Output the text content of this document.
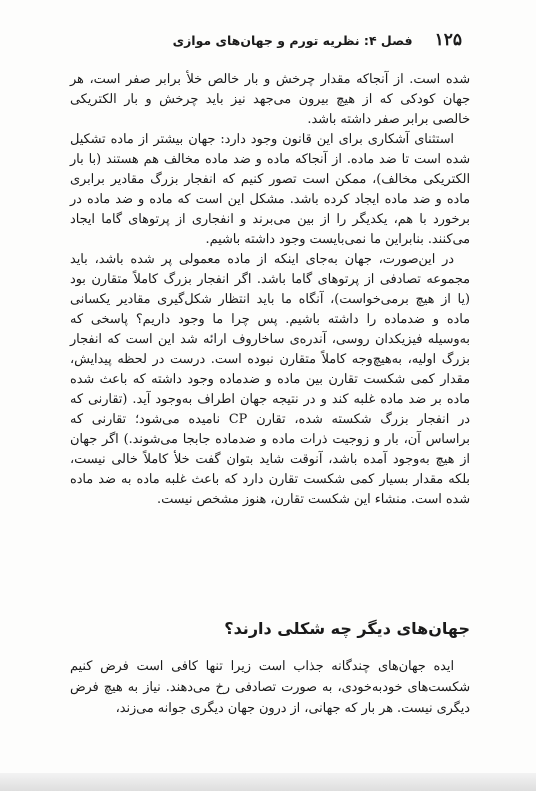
۱۲۵
فصل ۴: نظریه تورم و جهان‌های موازی

شده است. از آنجا‌که مقدار چرخش و بار خالص خلأ برابر صفر است، هر جهان کودکی که از هیچ بیرون می‌جهد نیز باید چرخش و بار الکتریکی خالصی برابر صفر داشته باشد.

استثنای آشکاری برای این قانون وجود دارد: جهان بیشتر از ماده تشکیل شده است تا ضد ماده. از آنجا‌که ماده و ضد ماده مخالف هم هستند (با بار الکتریکی مخالف)، ممکن است تصور کنیم که انفجار بزرگ مقادیر برابری ماده و ضد ماده ایجاد کرده باشد. مشکل این است که ماده و ضد ماده در برخورد با هم، یکدیگر را از بین می‌برند و انفجاری از پرتوهای گاما ایجاد می‌کنند. بنابراین ما نمی‌بایست وجود داشته باشیم.

در این‌صورت، جهان به‌جای اینکه از ماده معمولی پر شده باشد، باید مجموعه تصادفی از پرتوهای گاما باشد. اگر انفجار بزرگ کاملاً متقارن بود (یا از هیچ برمی‌خواست)، آنگاه ما باید انتظار شکل‌گیری مقادیر یکسانی ماده و ضدماده را داشته باشیم. پس چرا ما وجود داریم؟ پاسخی که به‌وسیله فیزیکدان روسی، آندره‌ی ساخاروف ارائه شد این است که انفجار بزرگ اولیه، به‌هیچ‌وجه کاملاً متقارن نبوده است. درست در لحظه پیدایش، مقدار کمی شکست تقارن بین ماده و ضدماده وجود داشته که باعث شده ماده بر ضد ماده غلبه کند و در نتیجه جهان اطراف به‌وجود آید. (تقارنی که در انفجار بزرگ شکسته شده، تقارن CP نامیده می‌شود؛ تقارنی که براساس آن، بار و زوجیت ذرات ماده و ضدماده جابجا می‌شوند.) اگر جهان از هیچ به‌وجود آمده باشد، آنوقت شاید بتوان گفت خلأ کاملاً خالی نیست، بلکه مقدار بسیار کمی شکست تقارن دارد که باعث غلبه ماده به ضد ماده شده است. منشاء این شکست تقارن، هنوز مشخص نیست.

جهان‌های دیگر چه شکلی دارند؟

ایده جهان‌های چندگانه جذاب است زیرا تنها کافی است فرض کنیم شکست‌های خودبه‌خودی، به صورت تصادفی رخ می‌دهند. نیاز به هیچ فرض دیگری نیست. هر بار که جهانی، از درون جهان دیگری جوانه می‌زند،
